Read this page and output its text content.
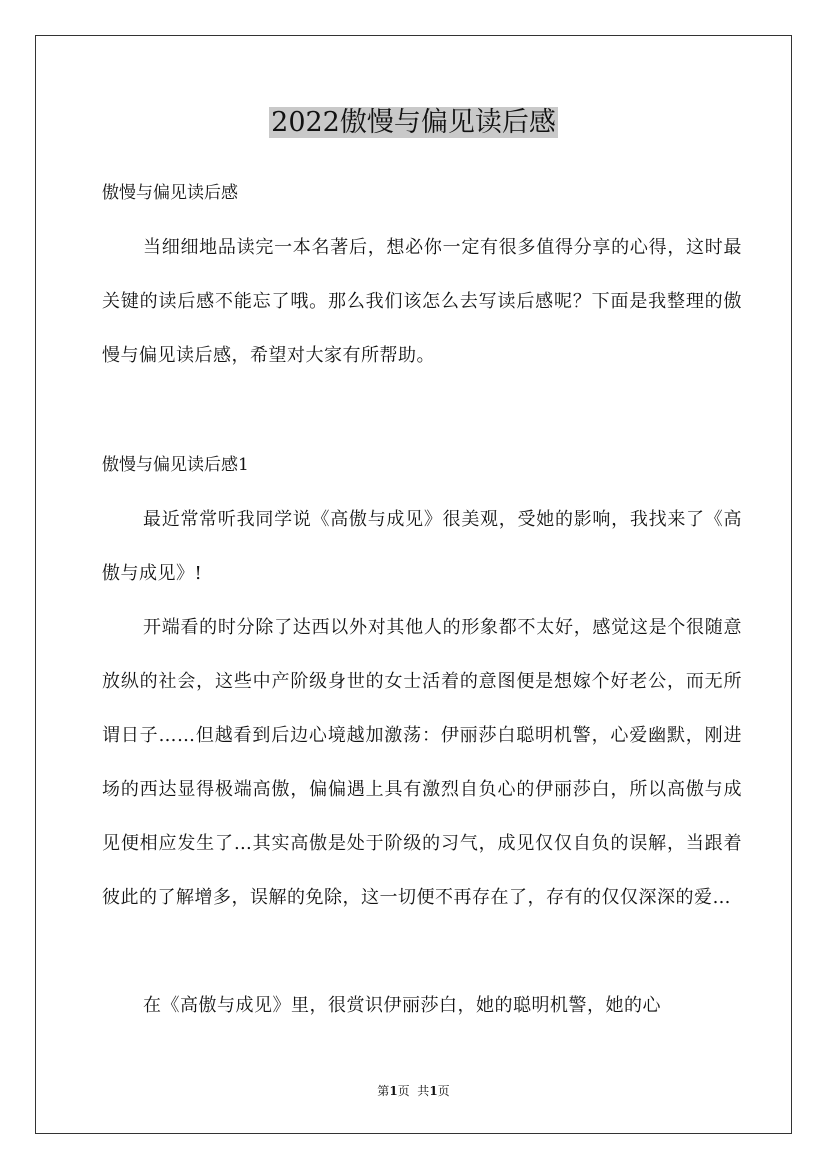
2022傲慢与偏见读后感

傲慢与偏见读后感

当细细地品读完一本名著后，想必你一定有很多值得分享的心得，这时最关键的读后感不能忘了哦。那么我们该怎么去写读后感呢？下面是我整理的傲慢与偏见读后感，希望对大家有所帮助。

傲慢与偏见读后感1

最近常常听我同学说《高傲与成见》很美观，受她的影响，我找来了《高傲与成见》!

开端看的时分除了达西以外对其他人的形象都不太好，感觉这是个很随意放纵的社会，这些中产阶级身世的女士活着的意图便是想嫁个好老公，而无所谓日子……但越看到后边心境越加激荡：伊丽莎白聪明机警，心爱幽默，刚进场的西达显得极端高傲，偏偏遇上具有激烈自负心的伊丽莎白，所以高傲与成见便相应发生了…其实高傲是处于阶级的习气，成见仅仅自负的误解，当跟着彼此的了解增多，误解的免除，这一切便不再存在了，存有的仅仅深深的爱…

在《高傲与成见》里，很赏识伊丽莎白，她的聪明机警，她的心

第1页  共1页
